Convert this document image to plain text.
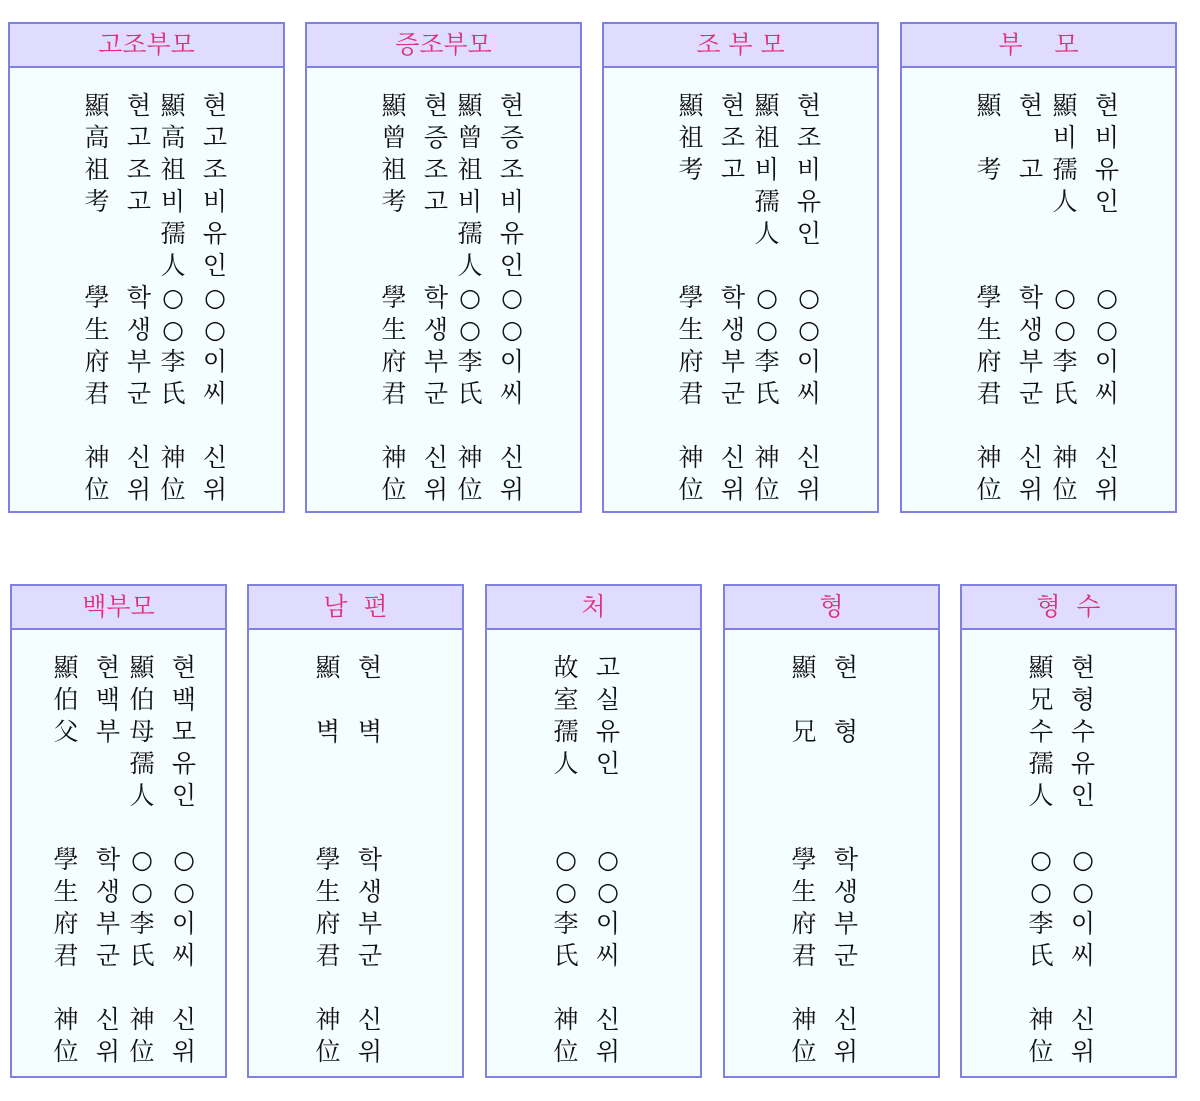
고조부모
顯
高
祖
考
學
生
府
君
神
位
현
고
조
고
학
생
부
군
신
위
顯
高
祖
비
孺
人
○
○
李
氏
神
位
현
고
조
비
유
인
○
○
이
씨
신
위
증조부모
顯
曾
祖
考
學
生
府
君
神
位
현
증
조
고
학
생
부
군
신
위
顯
曾
祖
비
孺
人
○
○
李
氏
神
位
현
증
조
비
유
인
○
○
이
씨
신
위
조 부 모
顯
祖
考
學
生
府
君
神
位
현
조
고
학
생
부
군
신
위
顯
祖
비
孺
人
○
○
李
氏
神
位
현
조
비
유
인
○
○
이
씨
신
위
부    모
顯
考
學
生
府
君
神
位
현
고
학
생
부
군
신
위
顯
비
孺
人
○
○
李
氏
神
位
현
비
유
인
○
○
이
씨
신
위
백부모
顯
伯
父
學
生
府
君
神
位
현
백
부
학
생
부
군
신
위
顯
伯
母
孺
人
○
○
李
氏
神
位
현
백
모
유
인
○
○
이
씨
신
위
남  편
顯
벽
學
生
府
君
神
位
현
벽
학
생
부
군
신
위
처
故
室
孺
人
○
○
李
氏
神
位
고
실
유
인
○
○
이
씨
신
위
형
顯
兄
學
生
府
君
神
位
현
형
학
생
부
군
신
위
형  수
顯
兄
수
孺
人
○
○
李
氏
神
位
현
형
수
유
인
○
○
이
씨
신
위
